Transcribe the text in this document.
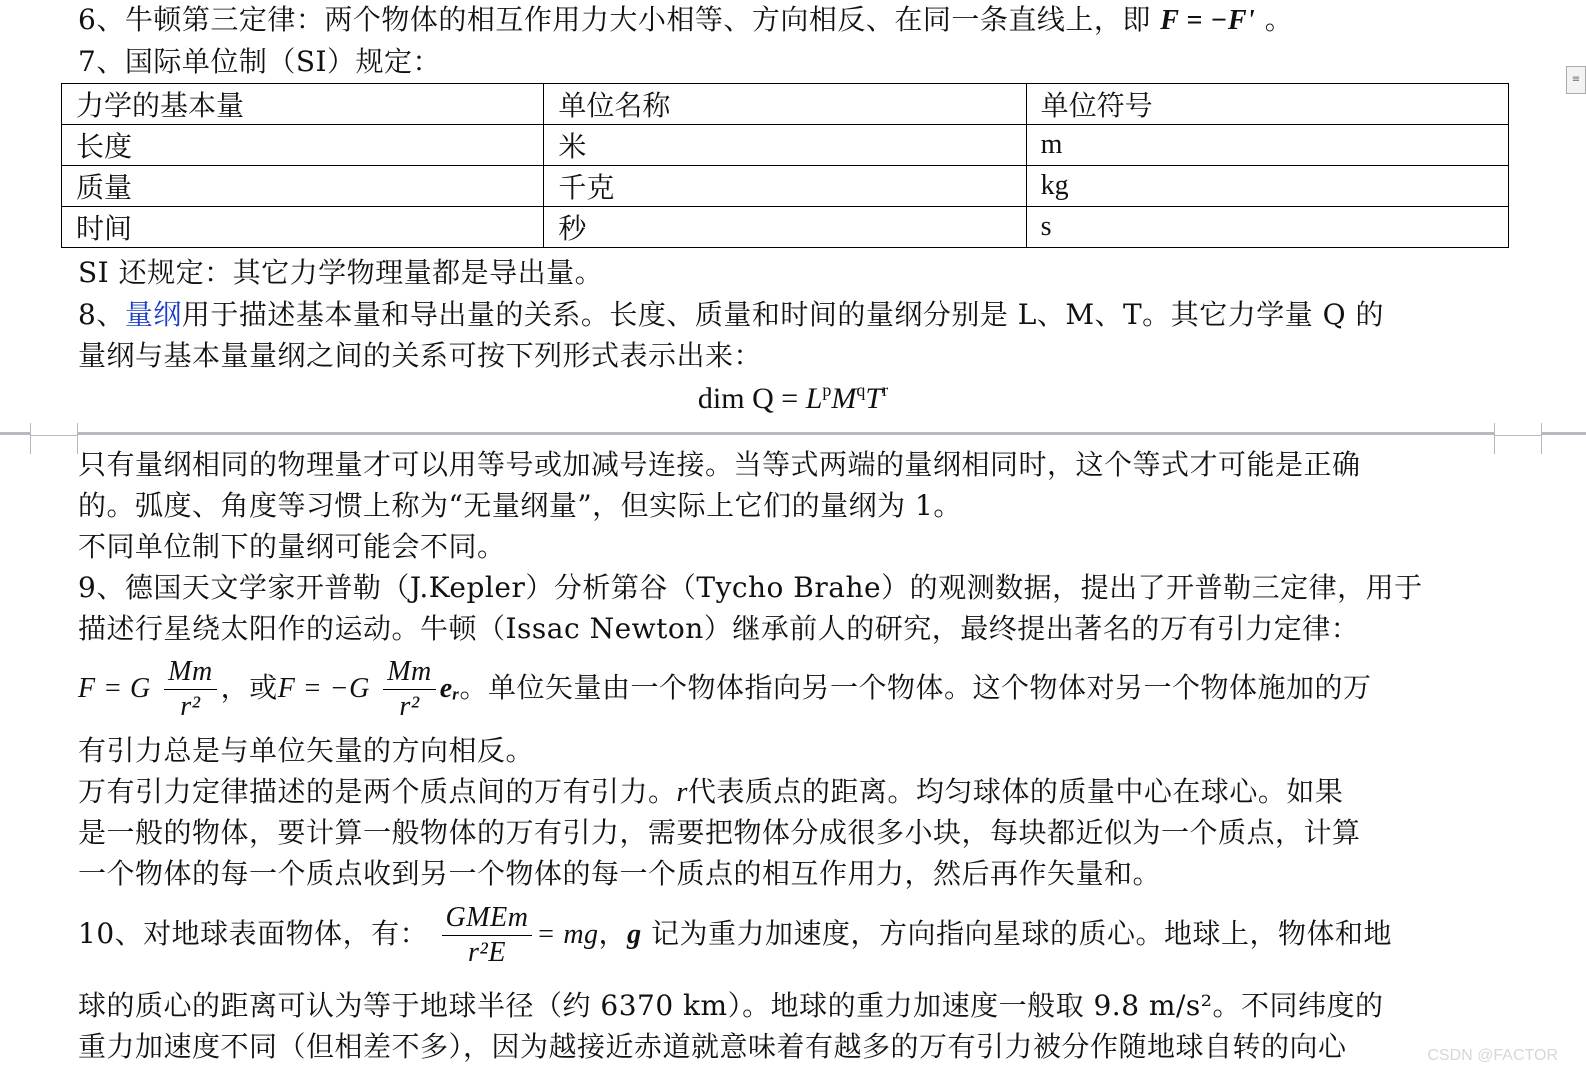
6、牛顿第三定律：两个物体的相互作用力大小相等、方向相反、在同一条直线上，即 F = −F' 。
7、国际单位制（SI）规定：
力学的基本量	单位名称	单位符号
长度	米	m
质量	千克	kg
时间	秒	s
SI 还规定：其它力学物理量都是导出量。
8、量纲用于描述基本量和导出量的关系。长度、质量和时间的量纲分别是 L、M、T。其它力学量 Q 的
量纲与基本量量纲之间的关系可按下列形式表示出来：
dim $Q = L^pM^qT^r$
≡
只有量纲相同的物理量才可以用等号或加减号连接。当等式两端的量纲相同时，这个等式才可能是正确
的。弧度、角度等习惯上称为“无量纲量”，但实际上它们的量纲为 1。
不同单位制下的量纲可能会不同。
9、德国天文学家开普勒（J.Kepler）分析第谷（Tycho Brahe）的观测数据，提出了开普勒三定律，用于
描述行星绕太阳作的运动。牛顿（Issac Newton）继承前人的研究，最终提出著名的万有引力定律：
F = G $\frac{Mm}{\text{r²}}$ ，或$F = -G \frac{Mm}{\text{r²}}$ eᵣ。单位矢量由一个物体指向另一个物体。这个物体对另一个物体施加的万
有引力总是与单位矢量的方向相反。
万有引力定律描述的是两个质点间的万有引力。r代表质点的距离。均匀球体的质量中心在球心。如果
是一般的物体，要计算一般物体的万有引力，需要把物体分成很多小块，每块都近似为一个质点，计算
一个物体的每一个质点收到另一个物体的每一个质点的相互作用力，然后再作矢量和。
10、对地球表面物体，有： $\frac{\text{GMEm}}{\text{r²E}}$ = mg，g 记为重力加速度，方向指向星球的质心。地球上，物体和地
球的质心的距离可认为等于地球半径（约 6370 km）。地球的重力加速度一般取 9.8 m/s²。不同纬度的
重力加速度不同（但相差不多），因为越接近赤道就意味着有越多的万有引力被分作随地球自转的向心	CSDN @FACTOR
